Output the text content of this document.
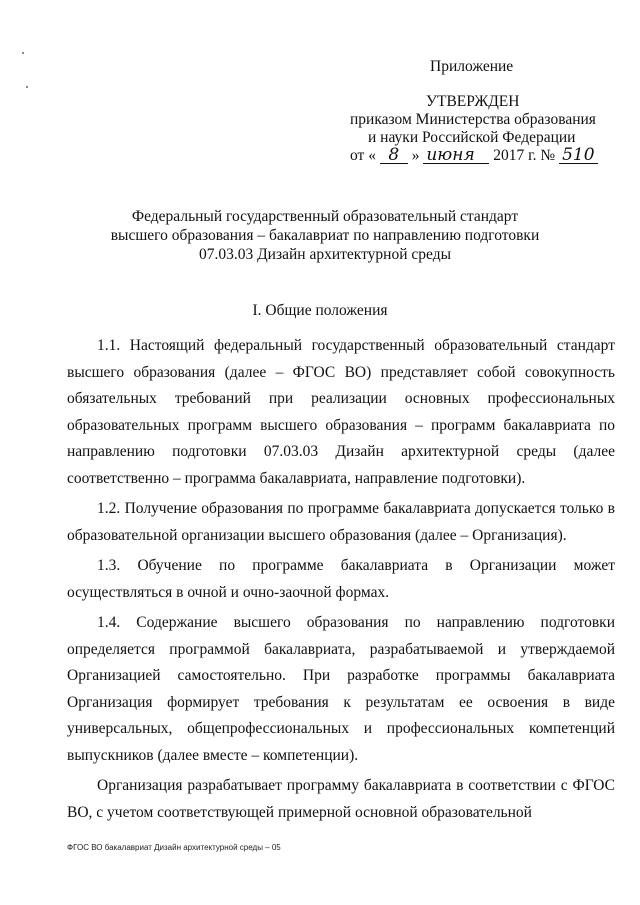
Приложение
УТВЕРЖДЕН
приказом Министерства образования
и науки Российской Федерации
от « 8 » июня 2017 г. № 510
Федеральный государственный образовательный стандарт
высшего образования – бакалавриат по направлению подготовки
07.03.03 Дизайн архитектурной среды
I. Общие положения

1.1. Настоящий федеральный государственный образовательный стандарт высшего образования (далее – ФГОС ВО) представляет собой совокупность обязательных требований при реализации основных профессиональных образовательных программ высшего образования – программ бакалавриата по направлению подготовки 07.03.03 Дизайн архитектурной среды (далее соответственно – программа бакалавриата, направление подготовки).

1.2. Получение образования по программе бакалавриата допускается только в образовательной организации высшего образования (далее – Организация).

1.3. Обучение по программе бакалавриата в Организации может осуществляться в очной и очно-заочной формах.

1.4. Содержание высшего образования по направлению подготовки определяется программой бакалавриата, разрабатываемой и утверждаемой Организацией самостоятельно. При разработке программы бакалавриата Организация формирует требования к результатам ее освоения в виде универсальных, общепрофессиональных и профессиональных компетенций выпускников (далее вместе – компетенции).

Организация разрабатывает программу бакалавриата в соответствии с ФГОС ВО, с учетом соответствующей примерной основной образовательной

ФГОС ВО бакалавриат Дизайн архитектурной среды – 05
